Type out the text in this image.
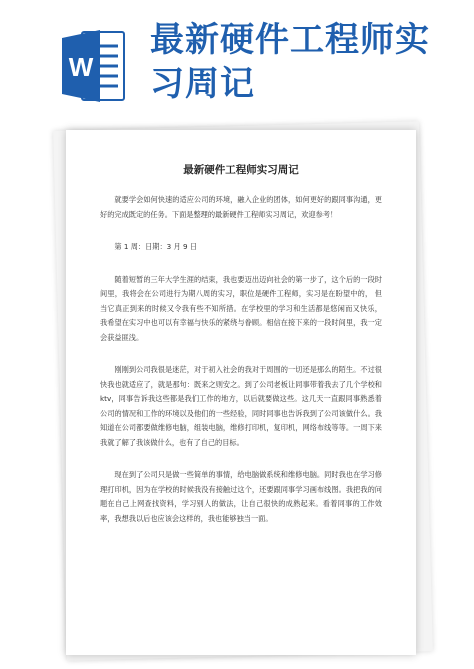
W
最新硬件工程师实
习周记
最新硬件工程师实习周记

就要学会如何快速的适应公司的环境，融入企业的团体，如何更好的跟同事沟通，更好的完成既定的任务。下面是整理的最新硬件工程师实习周记，欢迎参考！

第 1 周：日期：3 月 9 日

随着短暂的三年大学生涯的结束，我也要迈出迈向社会的第一步了，这个后的一段时间里，我将会在公司进行为期八周的实习，职位是硬件工程师，实习是在盼望中的， 但当它真正到来的时候又令我有些不知所措。在学校里的学习和生活都是悠闲而又快乐， 我希望在实习中也可以有幸福与快乐的紧绕与眷顾。相信在接下来的一段时间里，我一定会获益匪浅。

刚刚到公司我很是迷茫，对于初入社会的我对于周围的一切还是那么的陌生。不过很快我也就适应了，就是那句：既来之则安之。到了公司老板让同事带着我去了几个学校和 ktv，同事告诉我这些都是我们工作的地方，以后就要做这些。这几天一直跟同事熟悉着公司的情况和工作的环境以及他们的一些经验，同时同事也告诉我到了公司该做什么。我知道在公司都要做维修电脑，组装电脑，维修打印机，复印机，网络布线等等。一周下来我就了解了我该做什么，也有了自己的目标。

现在到了公司只是做一些简单的事情，给电脑做系统和维修电脑。同时我也在学习修理打印机，因为在学校的时候我没有接触过这个，还要跟同事学习画布线图。我把我的问题在自己上网查找资料，学习别人的做法，让自己很快的成熟起来。看着同事的工作效率，我想我以后也应该会这样的，我也能够独当一面。
